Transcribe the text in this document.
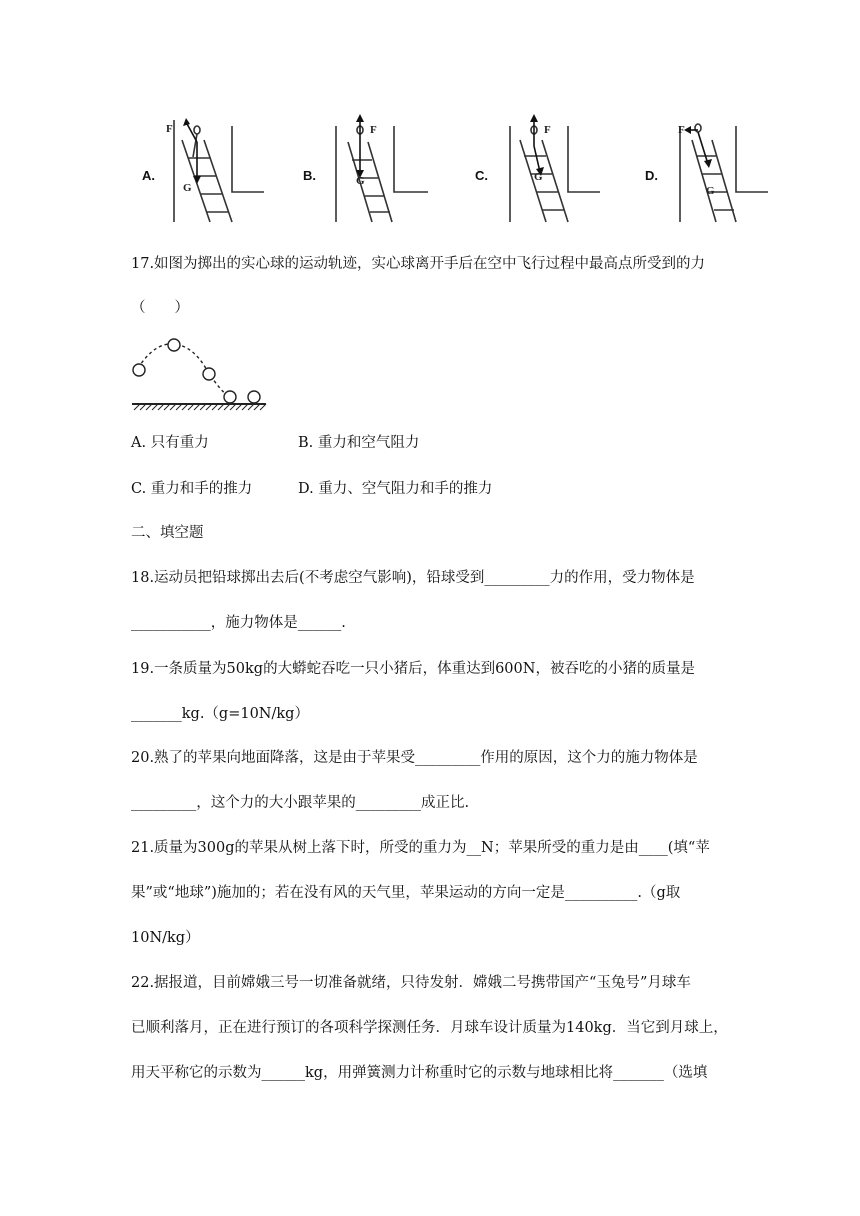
A.
F
G
B.
F
G	C.
F
G	D.
F
G
17.如图为掷出的实心球的运动轨迹，实心球离开手后在空中飞行过程中最高点所受到的力
（　　）
A. 只有重力	B. 重力和空气阻力
C. 重力和手的推力	D. 重力、空气阻力和手的推力
二、填空题
18.运动员把铅球掷出去后(不考虑空气影响)，铅球受到_________力的作用，受力物体是
___________，施力物体是______.
19.一条质量为50kg的大蟒蛇吞吃一只小猪后，体重达到600N，被吞吃的小猪的质量是
_______kg.（g=10N/kg）
20.熟了的苹果向地面降落，这是由于苹果受_________作用的原因，这个力的施力物体是
_________，这个力的大小跟苹果的_________成正比.
21.质量为300g的苹果从树上落下时，所受的重力为__N；苹果所受的重力是由____(填“苹
果”或“地球”)施加的；若在没有风的天气里，苹果运动的方向一定是__________.（g取
10N/kg）
22.据报道，目前嫦娥三号一切准备就绪，只待发射．嫦娥二号携带国产“玉兔号”月球车
已顺利落月，正在进行预订的各项科学探测任务．月球车设计质量为140kg．当它到月球上，
用天平称它的示数为______kg，用弹簧测力计称重时它的示数与地球相比将_______（选填
